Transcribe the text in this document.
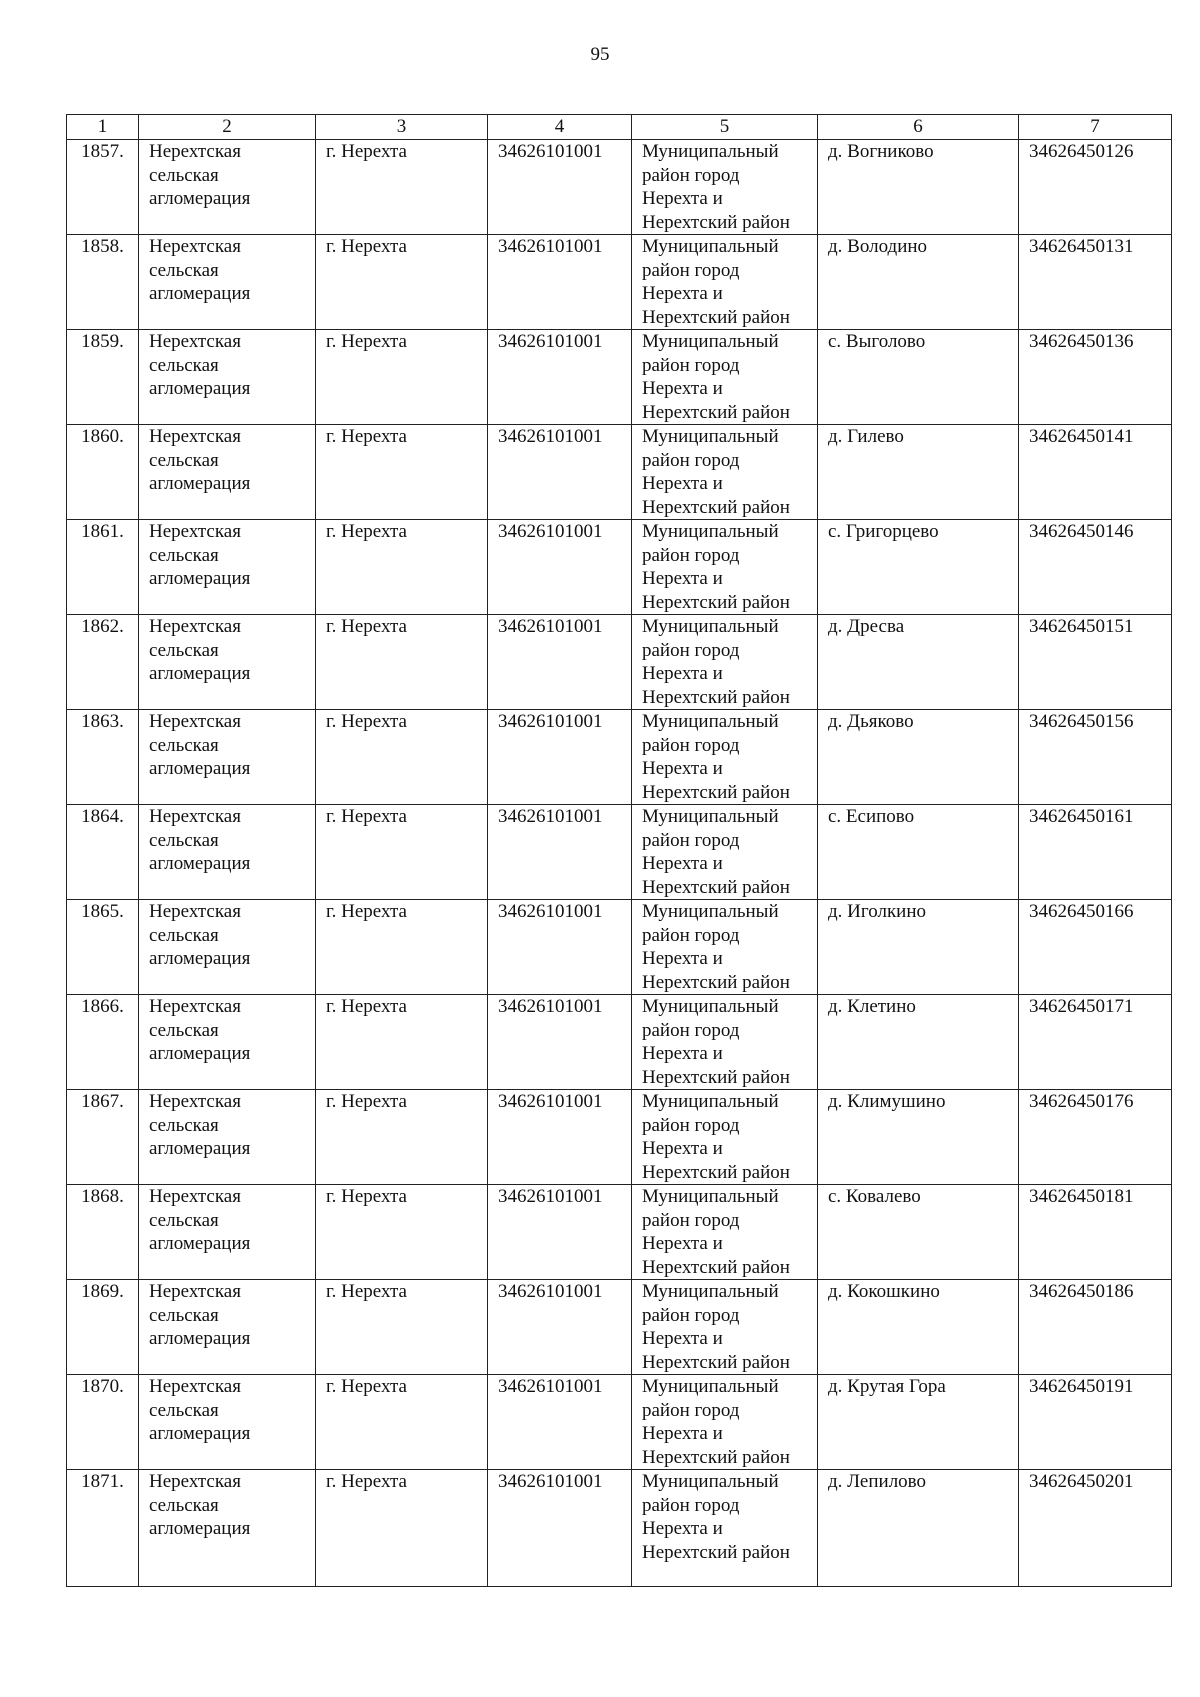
95
1	2	3	4	5	6	7
1857.	Нерехтская
сельская
агломерация	г. Нерехта	34626101001	Муниципальный
район город
Нерехта и
Нерехтский район	д. Вогниково	34626450126
1858.	Нерехтская
сельская
агломерация	г. Нерехта	34626101001	Муниципальный
район город
Нерехта и
Нерехтский район	д. Володино	34626450131
1859.	Нерехтская
сельская
агломерация	г. Нерехта	34626101001	Муниципальный
район город
Нерехта и
Нерехтский район	с. Выголово	34626450136
1860.	Нерехтская
сельская
агломерация	г. Нерехта	34626101001	Муниципальный
район город
Нерехта и
Нерехтский район	д. Гилево	34626450141
1861.	Нерехтская
сельская
агломерация	г. Нерехта	34626101001	Муниципальный
район город
Нерехта и
Нерехтский район	с. Григорцево	34626450146
1862.	Нерехтская
сельская
агломерация	г. Нерехта	34626101001	Муниципальный
район город
Нерехта и
Нерехтский район	д. Дресва	34626450151
1863.	Нерехтская
сельская
агломерация	г. Нерехта	34626101001	Муниципальный
район город
Нерехта и
Нерехтский район	д. Дьяково	34626450156
1864.	Нерехтская
сельская
агломерация	г. Нерехта	34626101001	Муниципальный
район город
Нерехта и
Нерехтский район	с. Есипово	34626450161
1865.	Нерехтская
сельская
агломерация	г. Нерехта	34626101001	Муниципальный
район город
Нерехта и
Нерехтский район	д. Иголкино	34626450166
1866.	Нерехтская
сельская
агломерация	г. Нерехта	34626101001	Муниципальный
район город
Нерехта и
Нерехтский район	д. Клетино	34626450171
1867.	Нерехтская
сельская
агломерация	г. Нерехта	34626101001	Муниципальный
район город
Нерехта и
Нерехтский район	д. Климушино	34626450176
1868.	Нерехтская
сельская
агломерация	г. Нерехта	34626101001	Муниципальный
район город
Нерехта и
Нерехтский район	с. Ковалево	34626450181
1869.	Нерехтская
сельская
агломерация	г. Нерехта	34626101001	Муниципальный
район город
Нерехта и
Нерехтский район	д. Кокошкино	34626450186
1870.	Нерехтская
сельская
агломерация	г. Нерехта	34626101001	Муниципальный
район город
Нерехта и
Нерехтский район	д. Крутая Гора	34626450191
1871.	Нерехтская
сельская
агломерация	г. Нерехта	34626101001	Муниципальный
район город
Нерехта и
Нерехтский район	д. Лепилово	34626450201
